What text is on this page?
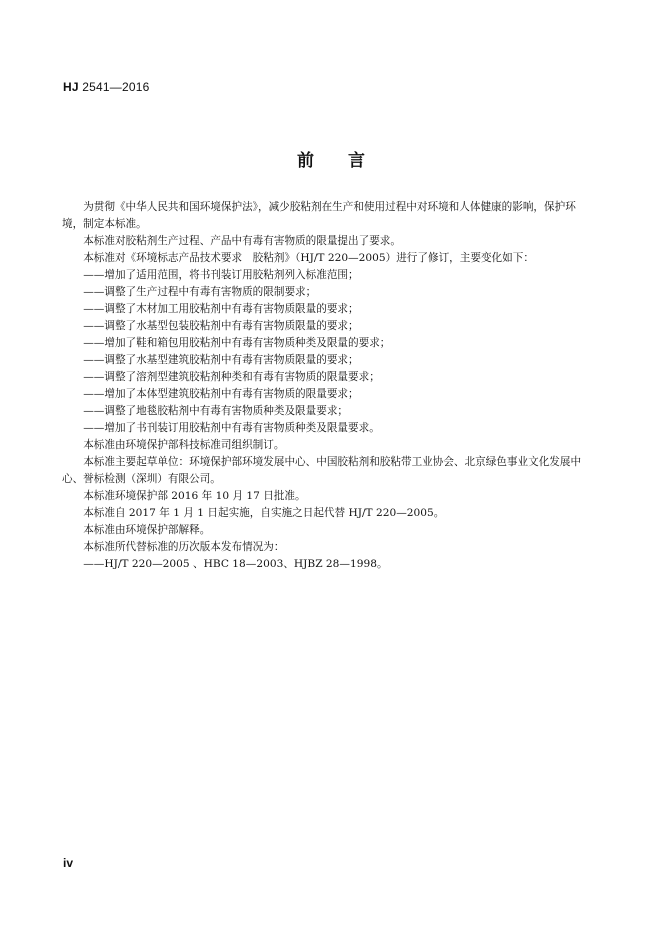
HJ 2541—2016
前 言

为贯彻《中华人民共和国环境保护法》，减少胶粘剂在生产和使用过程中对环境和人体健康的影响，保护环境，制定本标准。

本标准对胶粘剂生产过程、产品中有毒有害物质的限量提出了要求。

本标准对《环境标志产品技术要求　胶粘剂》（HJ/T 220—2005）进行了修订，主要变化如下：

——增加了适用范围，将书刊装订用胶粘剂列入标准范围；

——调整了生产过程中有毒有害物质的限制要求；

——调整了木材加工用胶粘剂中有毒有害物质限量的要求；

——调整了水基型包装胶粘剂中有毒有害物质限量的要求；

——增加了鞋和箱包用胶粘剂中有毒有害物质种类及限量的要求；

——调整了水基型建筑胶粘剂中有毒有害物质限量的要求；

——调整了溶剂型建筑胶粘剂种类和有毒有害物质的限量要求；

——增加了本体型建筑胶粘剂中有毒有害物质的限量要求；

——调整了地毯胶粘剂中有毒有害物质种类及限量要求；

——增加了书刊装订用胶粘剂中有毒有害物质种类及限量要求。

本标准由环境保护部科技标准司组织制订。

本标准主要起草单位：环境保护部环境发展中心、中国胶粘剂和胶粘带工业协会、北京绿色事业文化发展中心、誉标检测（深圳）有限公司。

本标准环境保护部 2016 年 10 月 17 日批准。

本标准自 2017 年 1 月 1 日起实施，自实施之日起代替 HJ/T 220—2005。

本标准由环境保护部解释。

本标准所代替标准的历次版本发布情况为：

——HJ/T 220—2005 、HBC 18—2003、HJBZ 28—1998。

iv
